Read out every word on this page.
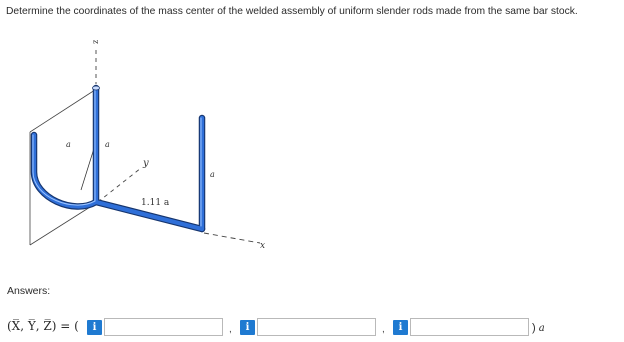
Determine the coordinates of the mass center of the welded assembly of uniform slender rods made from the same bar stock.
z
y
x
a	a
a
1.11 a
Answers:
(X̅, Y̅, Z̅) = (	i	,	i	,	i	) a
